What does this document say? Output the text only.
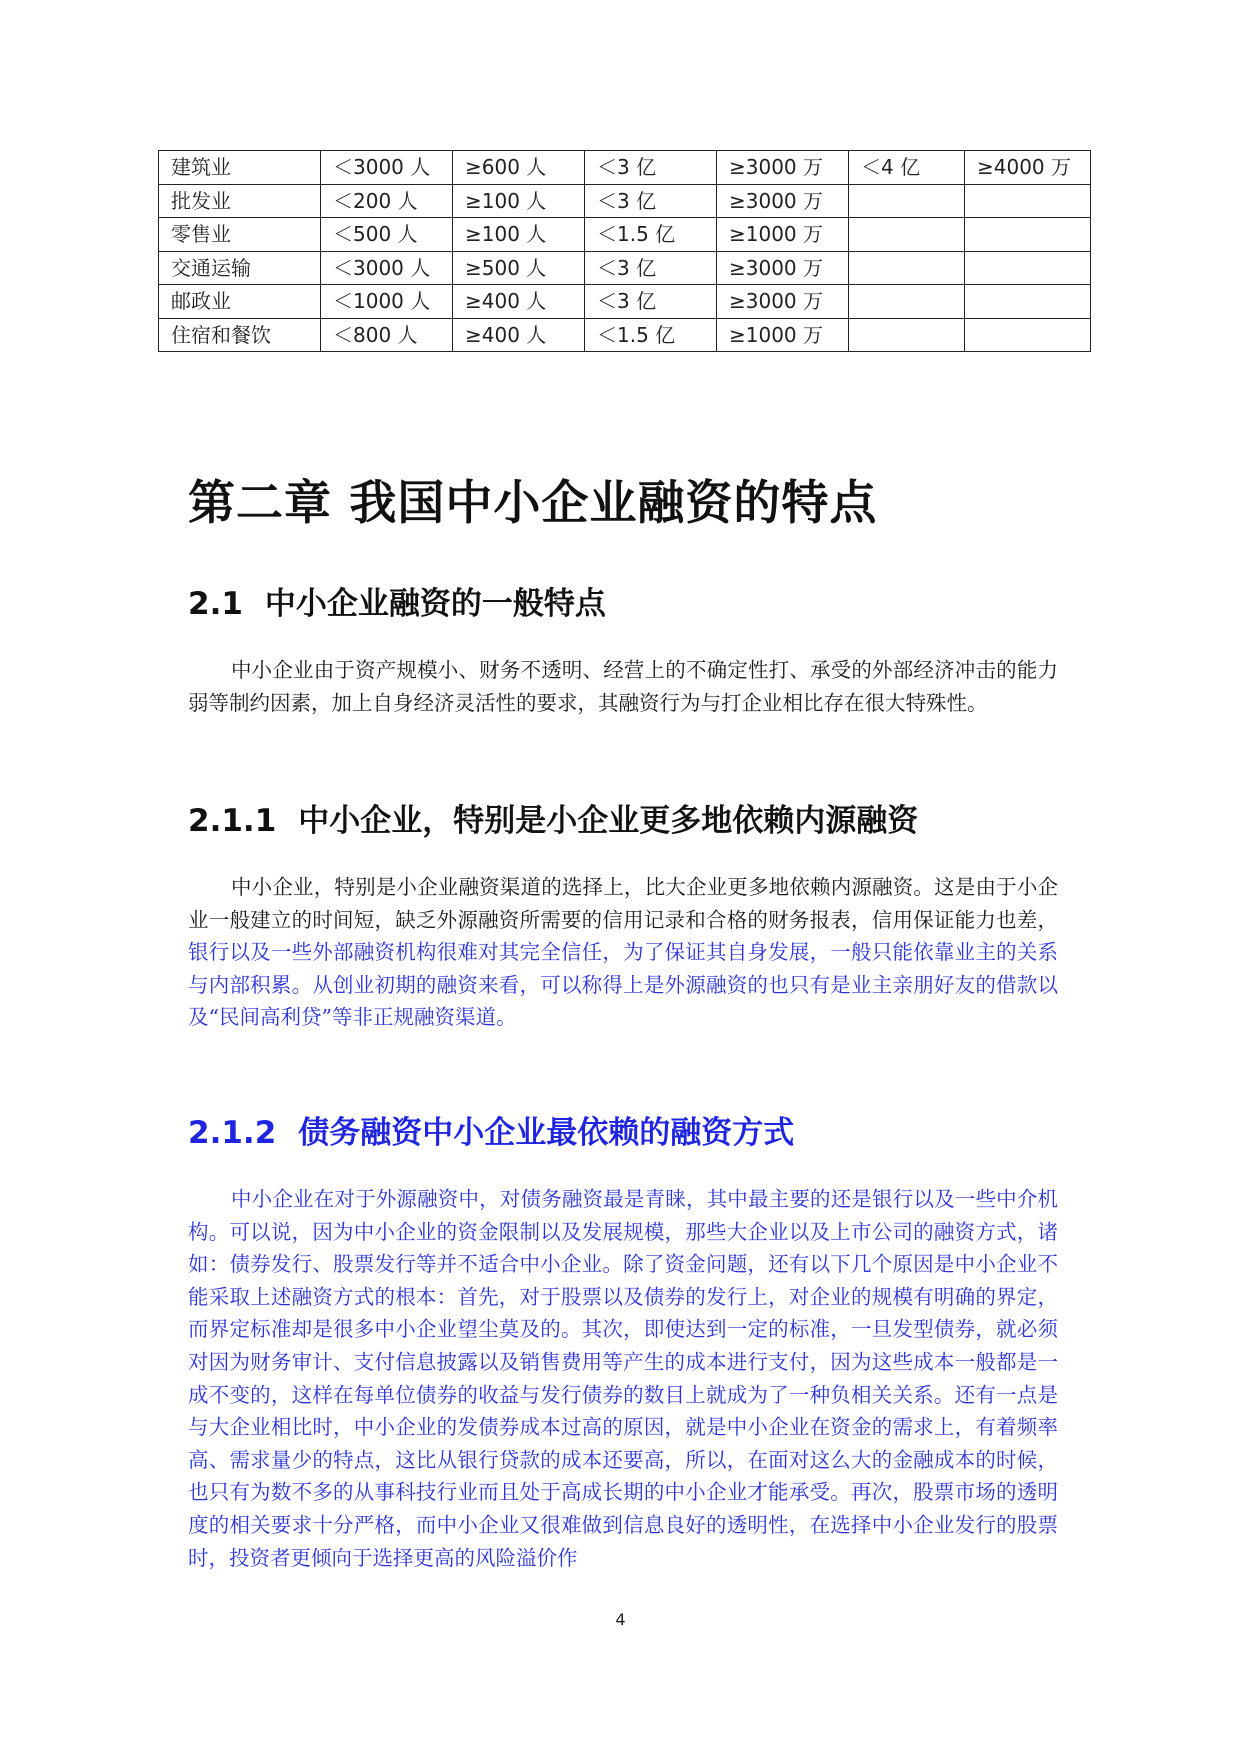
建筑业	＜3000 人	≥600 人	＜3 亿	≥3000 万	＜4 亿	≥4000 万
批发业	＜200 人	≥100 人	＜3 亿	≥3000 万		
零售业	＜500 人	≥100 人	＜1.5 亿	≥1000 万		
交通运输	＜3000 人	≥500 人	＜3 亿	≥3000 万		
邮政业	＜1000 人	≥400 人	＜3 亿	≥3000 万		
住宿和餐饮	＜800 人	≥400 人	＜1.5 亿	≥1000 万		
第二章 我国中小企业融资的特点
2.1 中小企业融资的一般特点

中小企业由于资产规模小、财务不透明、经营上的不确定性打、承受的外部经济冲击的能力弱等制约因素，加上自身经济灵活性的要求，其融资行为与打企业相比存在很大特殊性。

2.1.1 中小企业，特别是小企业更多地依赖内源融资

中小企业，特别是小企业融资渠道的选择上，比大企业更多地依赖内源融资。这是由于小企业一般建立的时间短，缺乏外源融资所需要的信用记录和合格的财务报表，信用保证能力也差，银行以及一些外部融资机构很难对其完全信任，为了保证其自身发展，一般只能依靠业主的关系与内部积累。从创业初期的融资来看，可以称得上是外源融资的也只有是业主亲朋好友的借款以及“民间高利贷”等非正规融资渠道。

2.1.2 债务融资中小企业最依赖的融资方式

中小企业在对于外源融资中，对债务融资最是青睐，其中最主要的还是银行以及一些中介机构。可以说，因为中小企业的资金限制以及发展规模，那些大企业以及上市公司的融资方式，诸如：债券发行、股票发行等并不适合中小企业。除了资金问题，还有以下几个原因是中小企业不能采取上述融资方式的根本：首先，对于股票以及债券的发行上，对企业的规模有明确的界定，而界定标准却是很多中小企业望尘莫及的。其次，即使达到一定的标准，一旦发型债券，就必须对因为财务审计、支付信息披露以及销售费用等产生的成本进行支付，因为这些成本一般都是一成不变的，这样在每单位债券的收益与发行债券的数目上就成为了一种负相关关系。还有一点是与大企业相比时，中小企业的发债券成本过高的原因，就是中小企业在资金的需求上，有着频率高、需求量少的特点，这比从银行贷款的成本还要高，所以，在面对这么大的金融成本的时候，也只有为数不多的从事科技行业而且处于高成长期的中小企业才能承受。再次，股票市场的透明度的相关要求十分严格，而中小企业又很难做到信息良好的透明性，在选择中小企业发行的股票时，投资者更倾向于选择更高的风险溢价作

4
